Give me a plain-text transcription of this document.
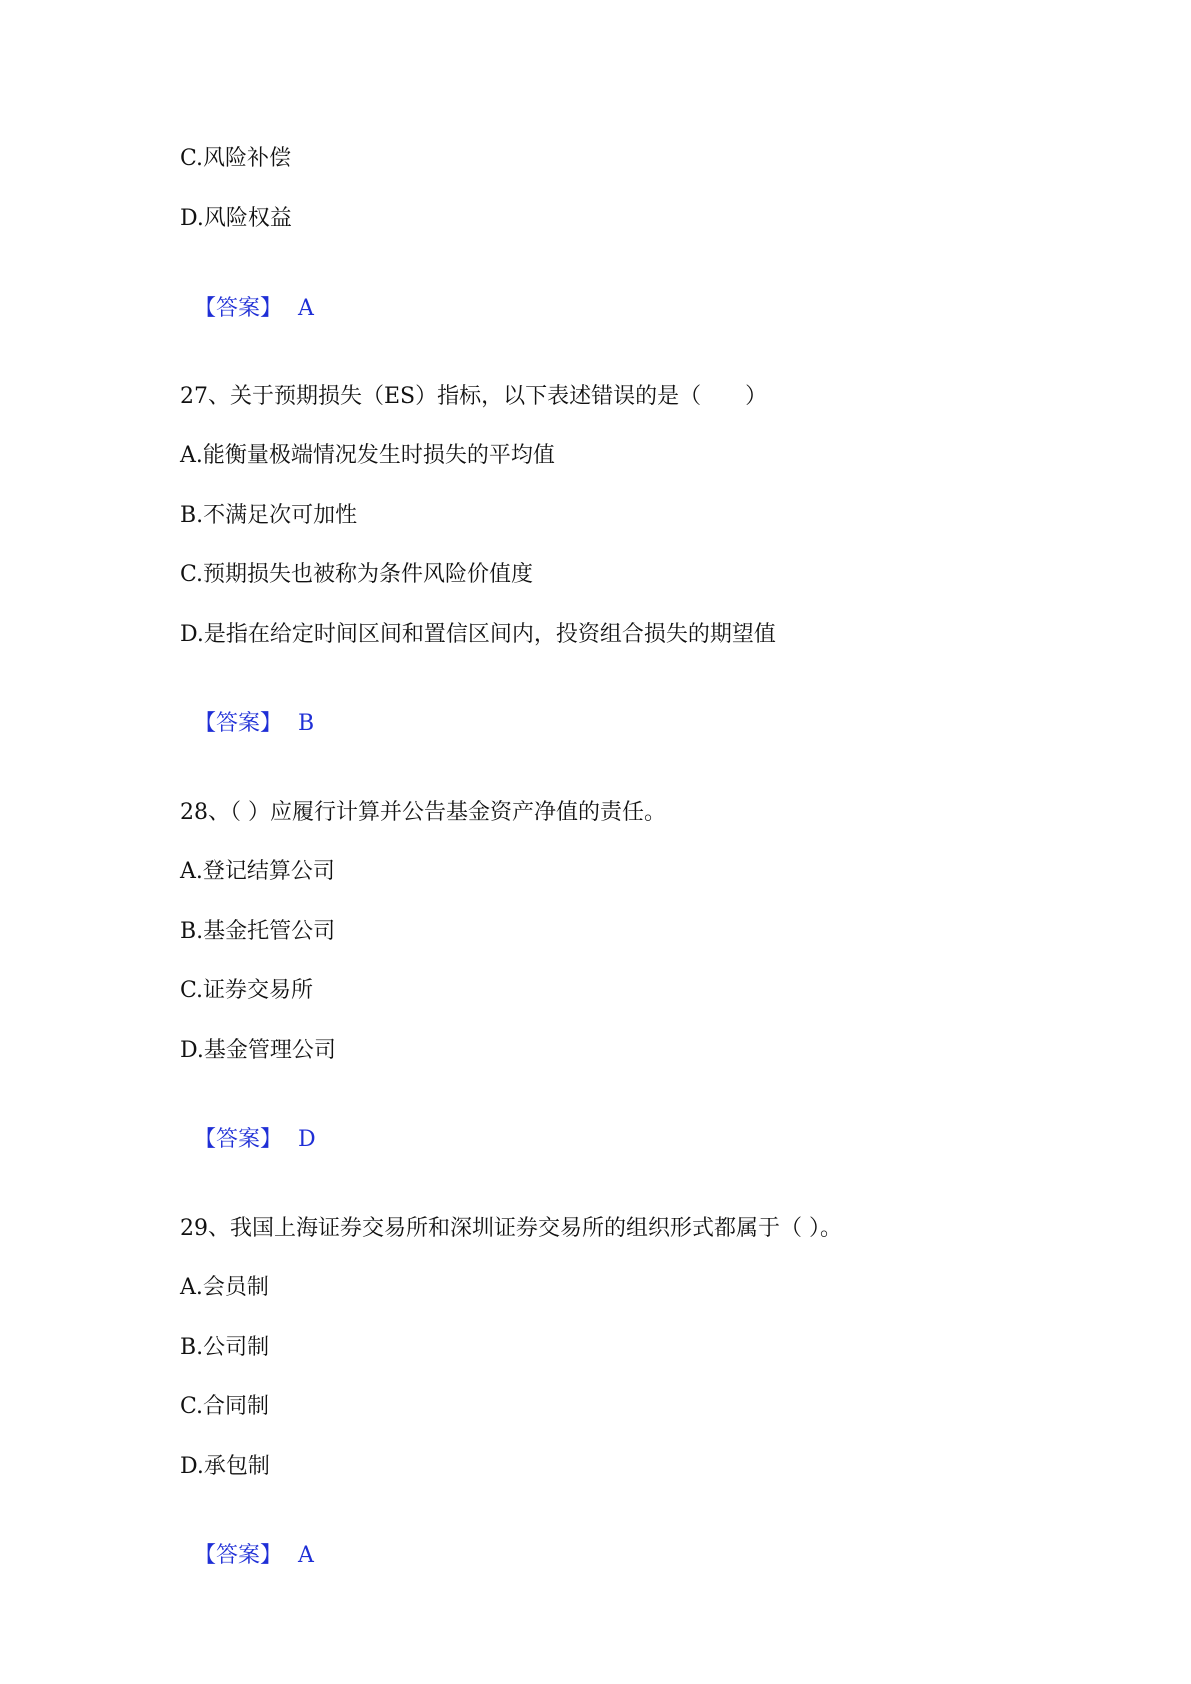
C.风险补偿
D.风险权益

【答案】 A

27、关于预期损失（ES）指标，以下表述错误的是（　　）
A.能衡量极端情况发生时损失的平均值
B.不满足次可加性
C.预期损失也被称为条件风险价值度
D.是指在给定时间区间和置信区间内，投资组合损失的期望值

【答案】 B

28、（ ）应履行计算并公告基金资产净值的责任。
A.登记结算公司
B.基金托管公司
C.证券交易所
D.基金管理公司

【答案】 D

29、我国上海证券交易所和深圳证券交易所的组织形式都属于（ ）。
A.会员制
B.公司制
C.合同制
D.承包制

【答案】 A
